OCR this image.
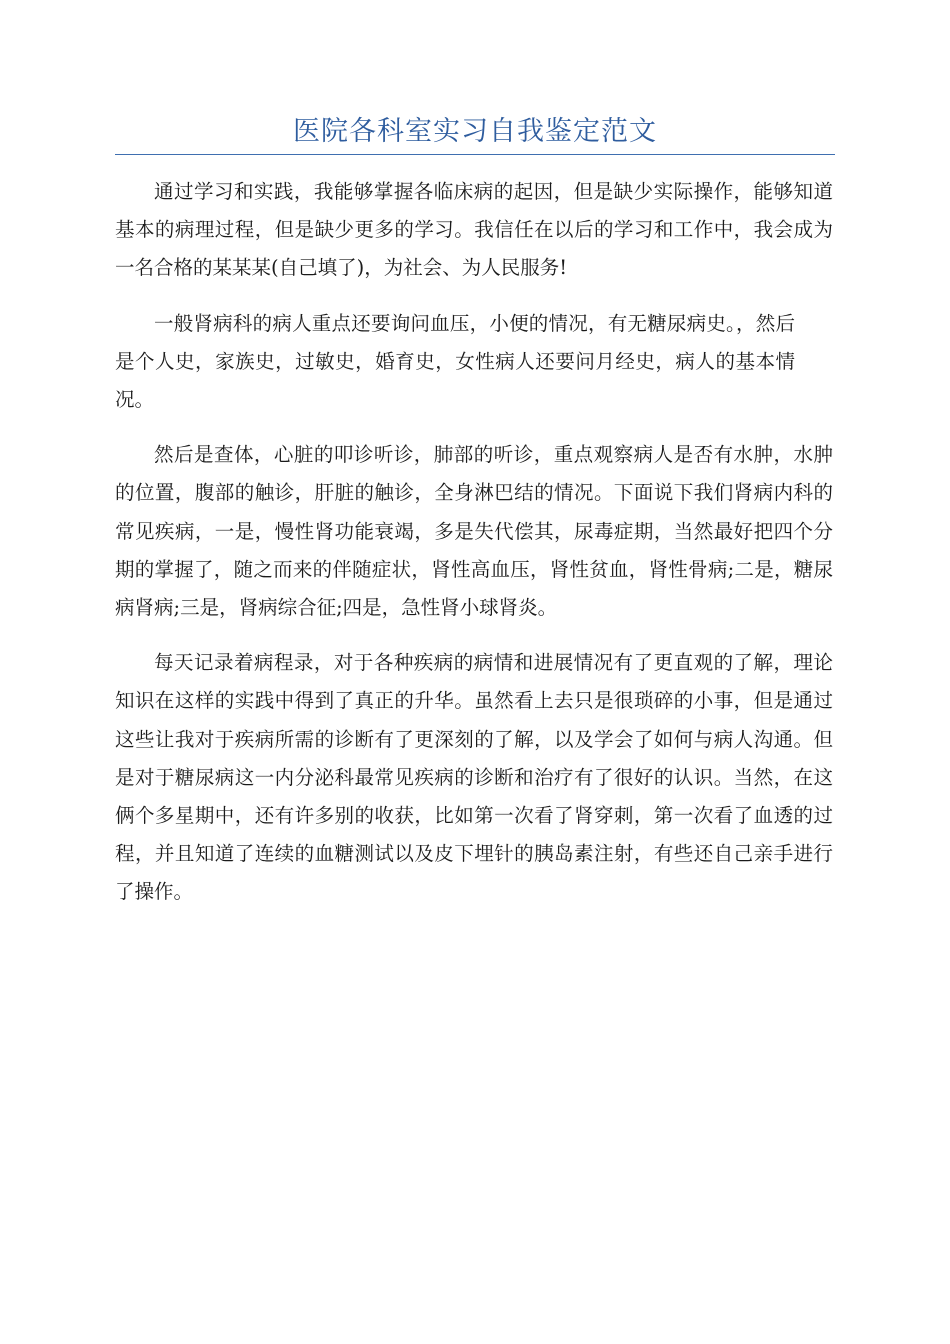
医院各科室实习自我鉴定范文

通过学习和实践，我能够掌握各临床病的起因，但是缺少实际操作，能够知道基本的病理过程，但是缺少更多的学习。我信任在以后的学习和工作中，我会成为一名合格的某某某(自己填了)，为社会、为人民服务!

一般肾病科的病人重点还要询问血压，小便的情况，有无糖尿病史。，然后是个人史，家族史，过敏史，婚育史，女性病人还要问月经史，病人的基本情况。

然后是查体，心脏的叩诊听诊，肺部的听诊，重点观察病人是否有水肿，水肿的位置，腹部的触诊，肝脏的触诊，全身淋巴结的情况。下面说下我们肾病内科的常见疾病，一是，慢性肾功能衰竭，多是失代偿其，尿毒症期，当然最好把四个分期的掌握了，随之而来的伴随症状，肾性高血压，肾性贫血，肾性骨病;二是，糖尿病肾病;三是，肾病综合征;四是，急性肾小球肾炎。

每天记录着病程录，对于各种疾病的病情和进展情况有了更直观的了解，理论知识在这样的实践中得到了真正的升华。虽然看上去只是很琐碎的小事，但是通过这些让我对于疾病所需的诊断有了更深刻的了解，以及学会了如何与病人沟通。但是对于糖尿病这一内分泌科最常见疾病的诊断和治疗有了很好的认识。当然，在这俩个多星期中，还有许多别的收获，比如第一次看了肾穿刺，第一次看了血透的过程，并且知道了连续的血糖测试以及皮下埋针的胰岛素注射，有些还自己亲手进行了操作。
